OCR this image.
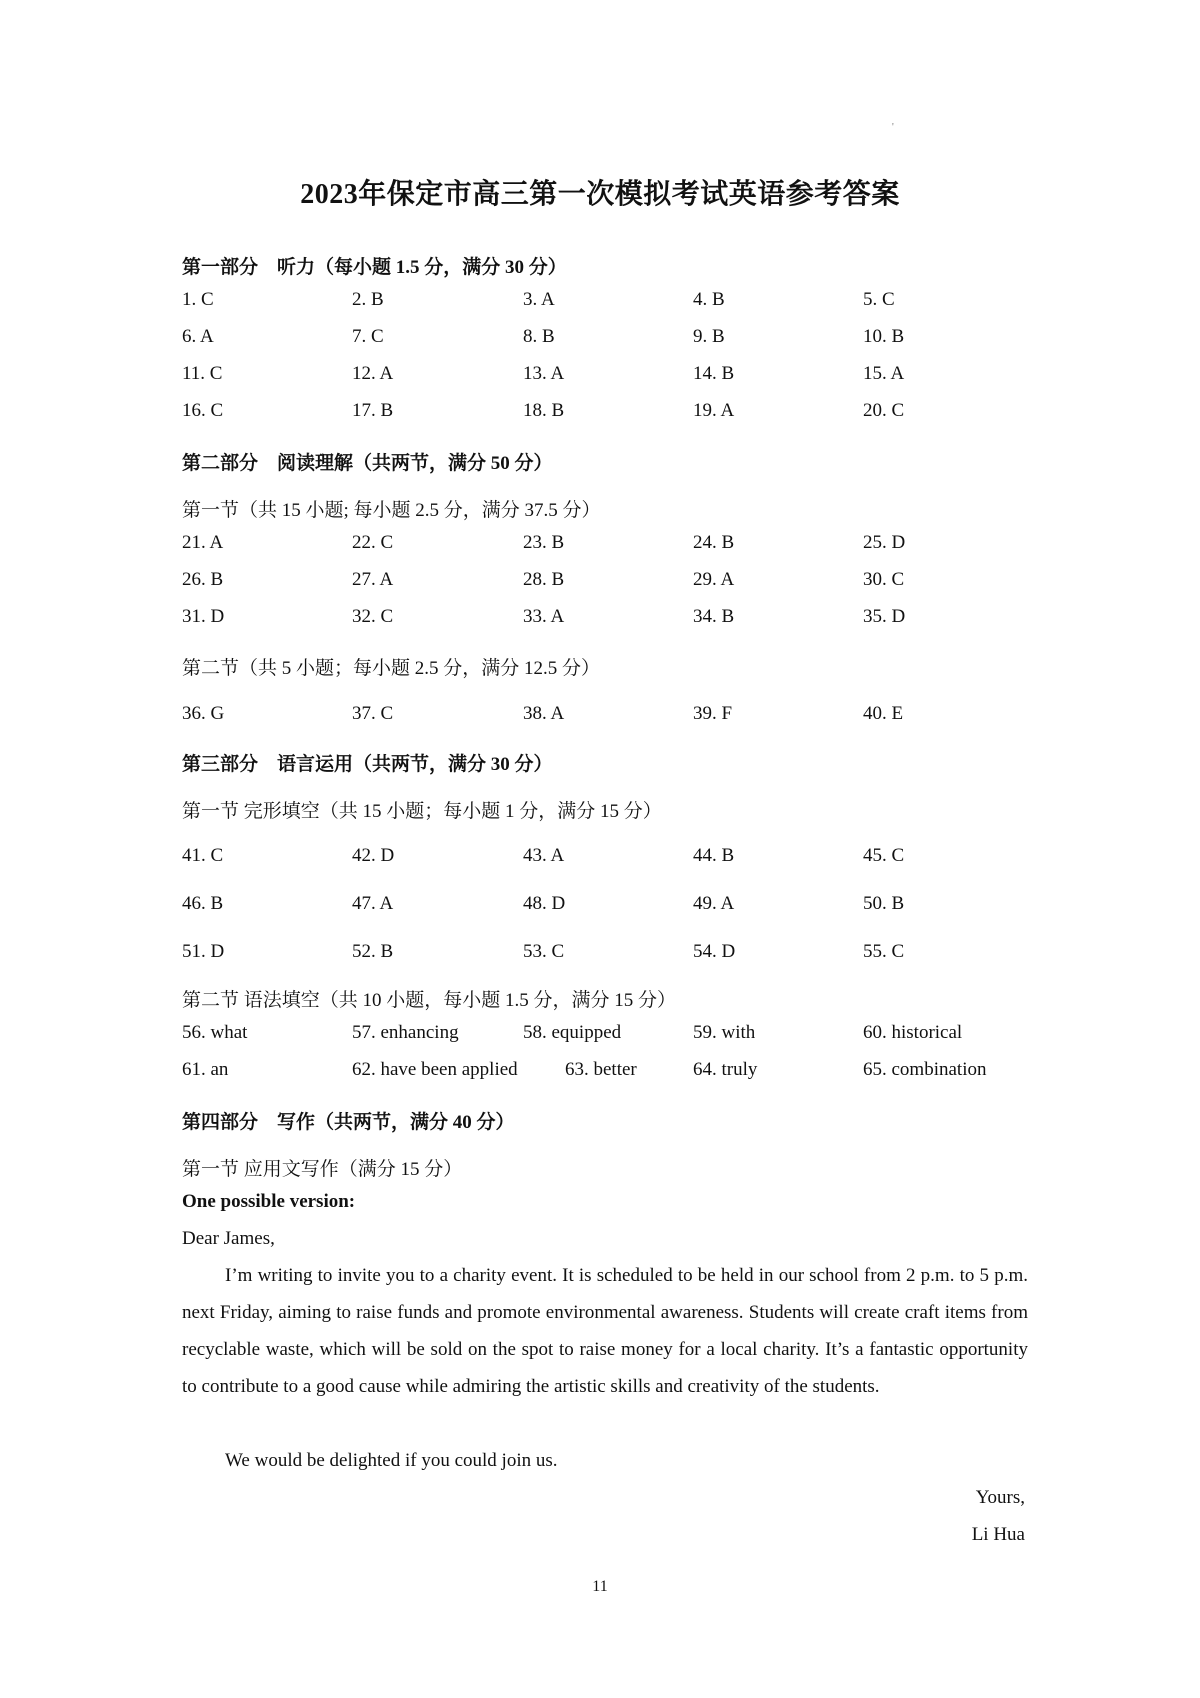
'
2023年保定市高三第一次模拟考试英语参考答案
第一部分　听力（每小题 1.5 分，满分 30 分）
1. C	2. B	3. A	4. B	5. C
6. A	7. C	8. B	9. B	10. B
11. C	12. A	13. A	14. B	15. A
16. C	17. B	18. B	19. A	20. C
第二部分　阅读理解（共两节，满分 50 分）
第一节（共 15 小题; 每小题 2.5 分，满分 37.5 分）
21. A	22. C	23. B	24. B	25. D
26. B	27. A	28. B	29. A	30. C
31. D	32. C	33. A	34. B	35. D
第二节（共 5 小题；每小题 2.5 分，满分 12.5 分）
36. G	37. C	38. A	39. F	40. E
第三部分　语言运用（共两节，满分 30 分）
第一节 完形填空（共 15 小题；每小题 1 分，满分 15 分）
41. C	42. D	43. A	44. B	45. C
46. B	47. A	48. D	49. A	50. B
51. D	52. B	53. C	54. D	55. C
第二节 语法填空（共 10 小题，每小题 1.5 分，满分 15 分）
56. what	57. enhancing	58. equipped	59. with	60. historical
61. an	62. have been applied 63. better	64. truly	65. combination
第四部分　写作（共两节，满分 40 分）
第一节 应用文写作（满分 15 分）
One possible version:
Dear James,
I’m writing to invite you to a charity event. It is scheduled to be held in our school from 2 p.m. to 5 p.m. next Friday, aiming to raise funds and promote environmental awareness. Students will create craft items from recyclable waste, which will be sold on the spot to raise money for a local charity. It’s a fantastic opportunity to contribute to a good cause while admiring the artistic skills and creativity of the students.
We would be delighted if you could join us.
Yours,
Li Hua
11
